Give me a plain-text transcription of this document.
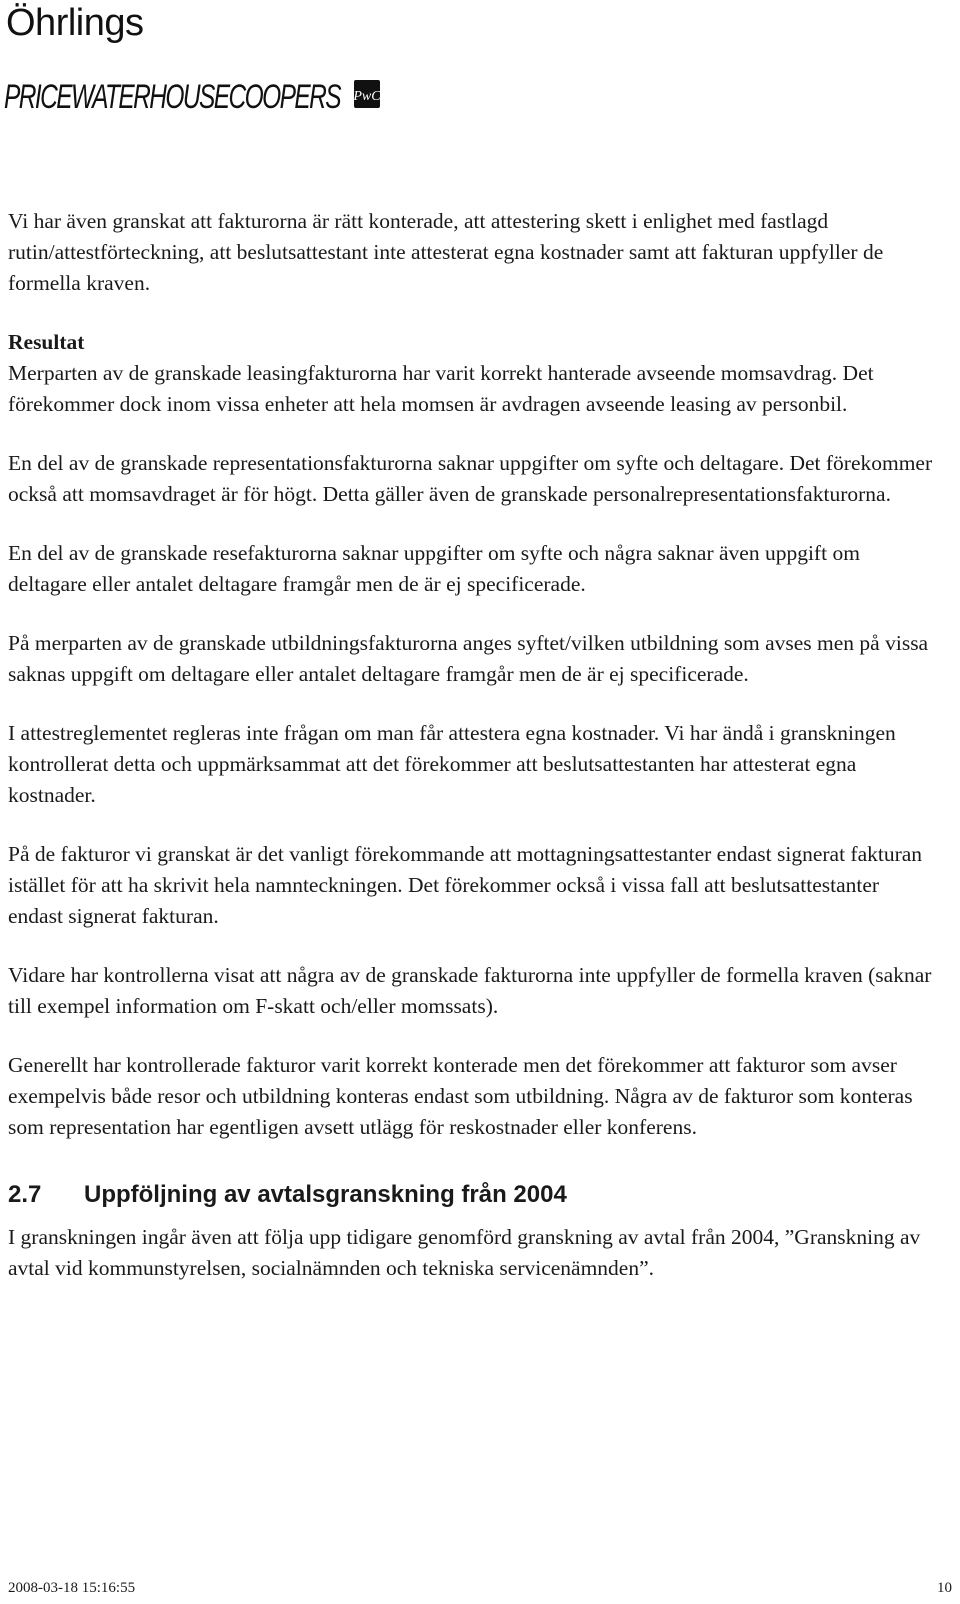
Öhrlings
PRICEWATERHOUSECOOPERS PwC

Vi har även granskat att fakturorna är rätt konterade, att attestering skett i enlighet med fastlagd rutin/attestförteckning, att beslutsattestant inte attesterat egna kostnader samt att fakturan uppfyller de formella kraven.

Resultat

Merparten av de granskade leasingfakturorna har varit korrekt hanterade avseende momsavdrag. Det förekommer dock inom vissa enheter att hela momsen är avdragen avseende leasing av personbil.

En del av de granskade representationsfakturorna saknar uppgifter om syfte och deltagare. Det förekommer också att momsavdraget är för högt. Detta gäller även de granskade personalrepresentationsfakturorna.

En del av de granskade resefakturorna saknar uppgifter om syfte och några saknar även uppgift om deltagare eller antalet deltagare framgår men de är ej specificerade.

På merparten av de granskade utbildningsfakturorna anges syftet/vilken utbildning som avses men på vissa saknas uppgift om deltagare eller antalet deltagare framgår men de är ej specificerade.

I attestreglementet regleras inte frågan om man får attestera egna kostnader. Vi har ändå i granskningen kontrollerat detta och uppmärksammat att det förekommer att beslutsattestanten har attesterat egna kostnader.

På de fakturor vi granskat är det vanligt förekommande att mottagningsattestanter endast signerat fakturan istället för att ha skrivit hela namnteckningen. Det förekommer också i vissa fall att beslutsattestanter endast signerat fakturan.

Vidare har kontrollerna visat att några av de granskade fakturorna inte uppfyller de formella kraven (saknar till exempel information om F-skatt och/eller momssats).

Generellt har kontrollerade fakturor varit korrekt konterade men det förekommer att fakturor som avser exempelvis både resor och utbildning konteras endast som utbildning. Några av de fakturor som konteras som representation har egentligen avsett utlägg för reskostnader eller konferens.

2.7	Uppföljning av avtalsgranskning från 2004

I granskningen ingår även att följa upp tidigare genomförd granskning av avtal från 2004, ”Granskning av avtal vid kommunstyrelsen, socialnämnden och tekniska servicenämnden”.

2008-03-18 15:16:55	10
